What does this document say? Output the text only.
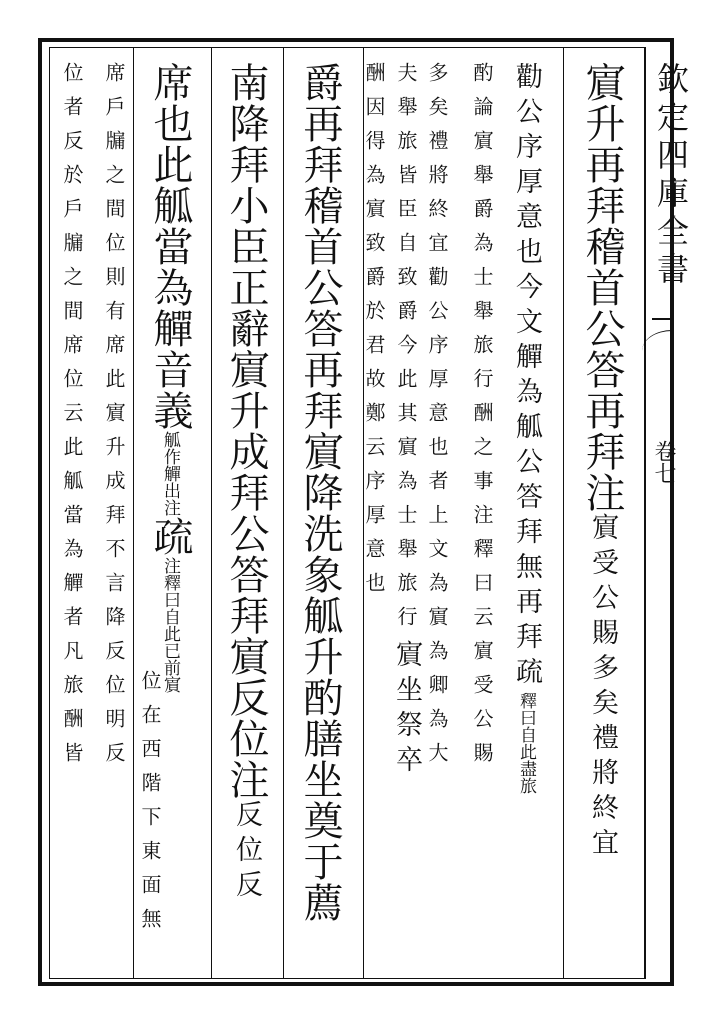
欽定四庫全書
卷七
賔升再拜稽首公答再拜注賔受公賜多矣禮將終宜
勸公序厚意也今文觶為觚公答拜無再拜疏釋曰自此盡旅
酌論賔舉爵為士舉旅行酬之事注釋曰云賔受公賜
多矣禮將終宜勸公序厚意也者上文為賔為卿為大
夫舉旅皆臣自致爵今此其賔為士舉旅行賔坐祭卒
酬因得為賔致爵於君故鄭云序厚意也
爵再拜稽首公答再拜賔降洗象觚升酌膳坐奠于薦
南降拜小臣正辭賔升成拜公答拜賔反位注反位反
席也此觚當為觶音義觚作觶出注疏注釋曰自此已前賔
位在西階下東面無
席戶牖之間位則有席此賔升成拜不言降反位明反
位者反於戶牖之間席位云此觚當為觶者凡旅酬皆
